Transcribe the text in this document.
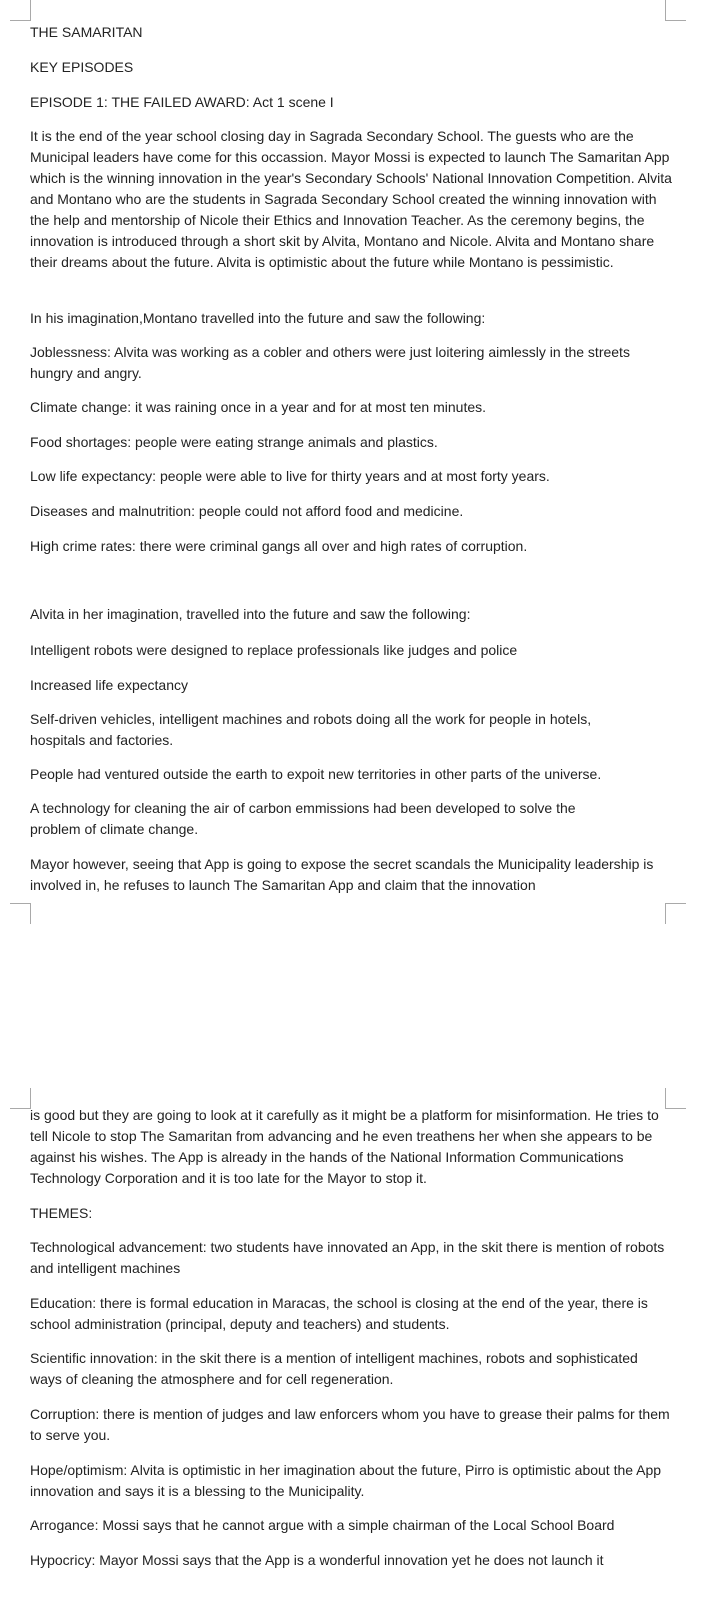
THE SAMARITAN

KEY EPISODES

EPISODE 1: THE FAILED AWARD: Act 1 scene I

It is the end of the year school closing day in Sagrada Secondary School. The guests who are the Municipal leaders have come for this occassion. Mayor Mossi is expected to launch The Samaritan App which is the winning innovation in the year's Secondary Schools' National Innovation Competition. Alvita and Montano who are the students in Sagrada Secondary School created the winning innovation with the help and mentorship of Nicole their Ethics and Innovation Teacher. As the ceremony begins, the innovation is introduced through a short skit by Alvita, Montano and Nicole. Alvita and Montano share their dreams about the future. Alvita is optimistic about the future while Montano is pessimistic.

In his imagination,Montano travelled into the future and saw the following:

Joblessness: Alvita was working as a cobler and others were just loitering aimlessly in the streets hungry and angry.

Climate change: it was raining once in a year and for at most ten minutes.

Food shortages: people were eating strange animals and plastics.

Low life expectancy: people were able to live for thirty years and at most forty years.

Diseases and malnutrition: people could not afford food and medicine.

High crime rates: there were criminal gangs all over and high rates of corruption.

Alvita in her imagination, travelled into the future and saw the following:

Intelligent robots were designed to replace professionals like judges and police

Increased life expectancy

Self-driven vehicles, intelligent machines and robots doing all the work for people in hotels, hospitals and factories.

People had ventured outside the earth to expoit new territories in other parts of the universe.

A technology for cleaning the air of carbon emmissions had been developed to solve the problem of climate change.

Mayor however, seeing that App is going to expose the secret scandals the Municipality leadership is involved in, he refuses to launch The Samaritan App and claim that the innovation

is good but they are going to look at it carefully as it might be a platform for misinformation. He tries to tell Nicole to stop The Samaritan from advancing and he even treathens her when she appears to be against his wishes. The App is already in the hands of the National Information Communications Technology Corporation and it is too late for the Mayor to stop it.

THEMES:

Technological advancement: two students have innovated an App, in the skit there is mention of robots and intelligent machines

Education: there is formal education in Maracas, the school is closing at the end of the year, there is school administration (principal, deputy and teachers) and students.

Scientific innovation: in the skit there is a mention of intelligent machines, robots and sophisticated ways of cleaning the atmosphere and for cell regeneration.

Corruption: there is mention of judges and law enforcers whom you have to grease their palms for them to serve you.

Hope/optimism: Alvita is optimistic in her imagination about the future, Pirro is optimistic about the App innovation and says it is a blessing to the Municipality.

Arrogance: Mossi says that he cannot argue with a simple chairman of the Local School Board

Hypocricy: Mayor Mossi says that the App is a wonderful innovation yet he does not launch it
